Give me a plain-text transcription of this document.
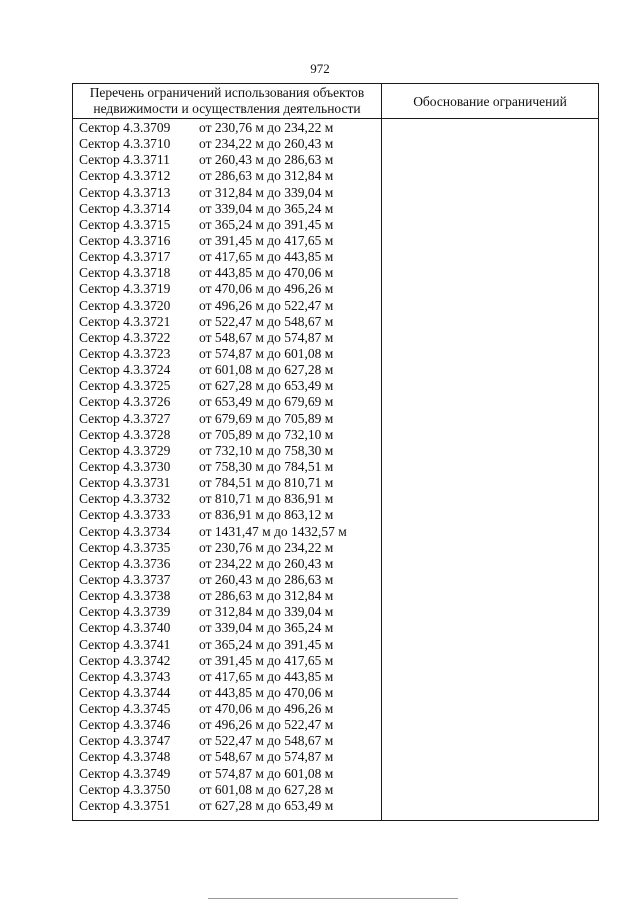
972
Перечень ограничений использования объектов
недвижимости и осуществления деятельности	Обоснование ограничений
Сектор 4.3.3709 от 230,76 м до 234,22 м
Сектор 4.3.3710 от 234,22 м до 260,43 м
Сектор 4.3.3711 от 260,43 м до 286,63 м
Сектор 4.3.3712 от 286,63 м до 312,84 м
Сектор 4.3.3713 от 312,84 м до 339,04 м
Сектор 4.3.3714 от 339,04 м до 365,24 м
Сектор 4.3.3715 от 365,24 м до 391,45 м
Сектор 4.3.3716 от 391,45 м до 417,65 м
Сектор 4.3.3717 от 417,65 м до 443,85 м
Сектор 4.3.3718 от 443,85 м до 470,06 м
Сектор 4.3.3719 от 470,06 м до 496,26 м
Сектор 4.3.3720 от 496,26 м до 522,47 м
Сектор 4.3.3721 от 522,47 м до 548,67 м
Сектор 4.3.3722 от 548,67 м до 574,87 м
Сектор 4.3.3723 от 574,87 м до 601,08 м
Сектор 4.3.3724 от 601,08 м до 627,28 м
Сектор 4.3.3725 от 627,28 м до 653,49 м
Сектор 4.3.3726 от 653,49 м до 679,69 м
Сектор 4.3.3727 от 679,69 м до 705,89 м
Сектор 4.3.3728 от 705,89 м до 732,10 м
Сектор 4.3.3729 от 732,10 м до 758,30 м
Сектор 4.3.3730 от 758,30 м до 784,51 м
Сектор 4.3.3731 от 784,51 м до 810,71 м
Сектор 4.3.3732 от 810,71 м до 836,91 м
Сектор 4.3.3733 от 836,91 м до 863,12 м
Сектор 4.3.3734 от 1431,47 м до 1432,57 м
Сектор 4.3.3735 от 230,76 м до 234,22 м
Сектор 4.3.3736 от 234,22 м до 260,43 м
Сектор 4.3.3737 от 260,43 м до 286,63 м
Сектор 4.3.3738 от 286,63 м до 312,84 м
Сектор 4.3.3739 от 312,84 м до 339,04 м
Сектор 4.3.3740 от 339,04 м до 365,24 м
Сектор 4.3.3741 от 365,24 м до 391,45 м
Сектор 4.3.3742 от 391,45 м до 417,65 м
Сектор 4.3.3743 от 417,65 м до 443,85 м
Сектор 4.3.3744 от 443,85 м до 470,06 м
Сектор 4.3.3745 от 470,06 м до 496,26 м
Сектор 4.3.3746 от 496,26 м до 522,47 м
Сектор 4.3.3747 от 522,47 м до 548,67 м
Сектор 4.3.3748 от 548,67 м до 574,87 м
Сектор 4.3.3749 от 574,87 м до 601,08 м
Сектор 4.3.3750 от 601,08 м до 627,28 м
Сектор 4.3.3751 от 627,28 м до 653,49 м
